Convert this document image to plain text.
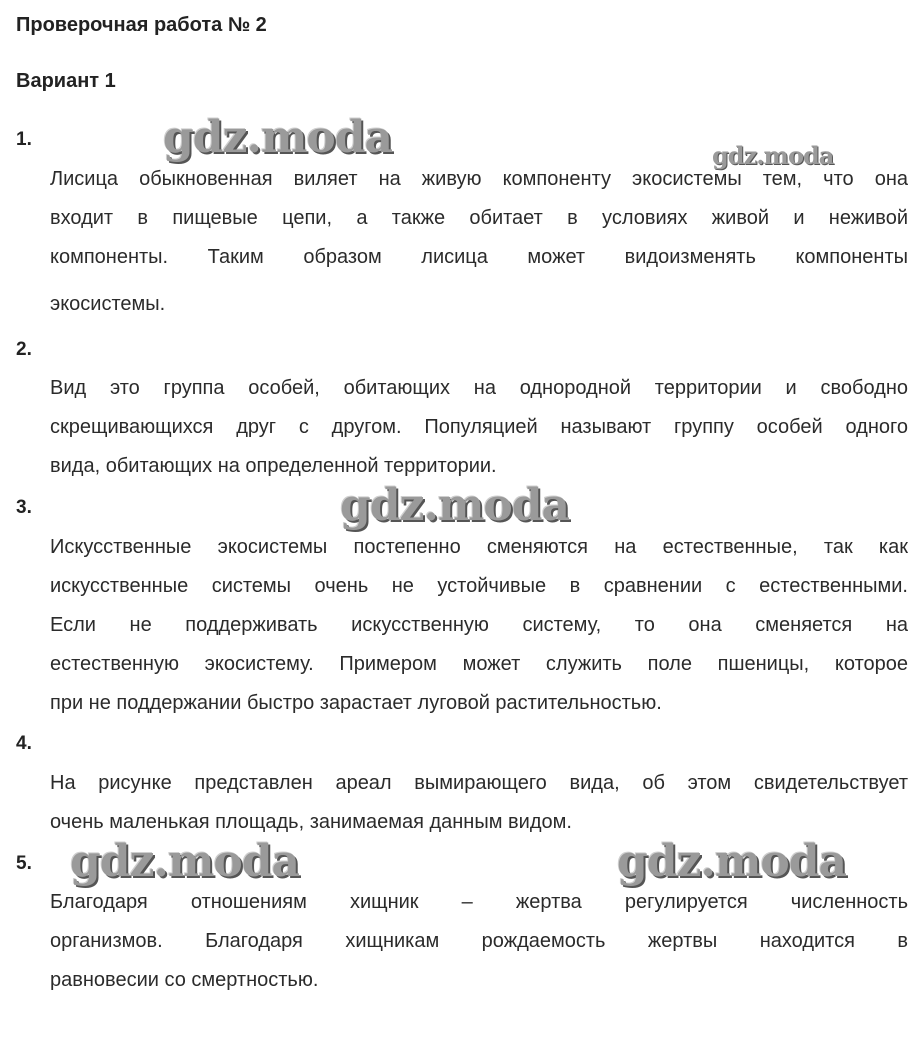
Проверочная работа № 2
Вариант 1
gdz.moda	gdz.moda
gdz.moda
gdz.moda	gdz.moda
1.
Лисица обыкновенная виляет на живую компоненту экосистемы тем, что она
входит в пищевые цепи, а также обитает в условиях живой и неживой
компоненты. Таким образом лисица может видоизменять компоненты
экосистемы.
2.
Вид это группа особей, обитающих на однородной территории и свободно
скрещивающихся друг с другом. Популяцией называют группу особей одного
вида, обитающих на определенной территории.
3.
Искусственные экосистемы постепенно сменяются на естественные, так как
искусственные системы очень не устойчивые в сравнении с естественными.
Если не поддерживать искусственную систему, то она сменяется на
естественную экосистему. Примером может служить поле пшеницы, которое
при не поддержании быстро зарастает луговой растительностью.
4.
На рисунке представлен ареал вымирающего вида, об этом свидетельствует
очень маленькая площадь, занимаемая данным видом.
5.
Благодаря отношениям хищник – жертва регулируется численность
организмов. Благодаря хищникам рождаемость жертвы находится в
равновесии со смертностью.
